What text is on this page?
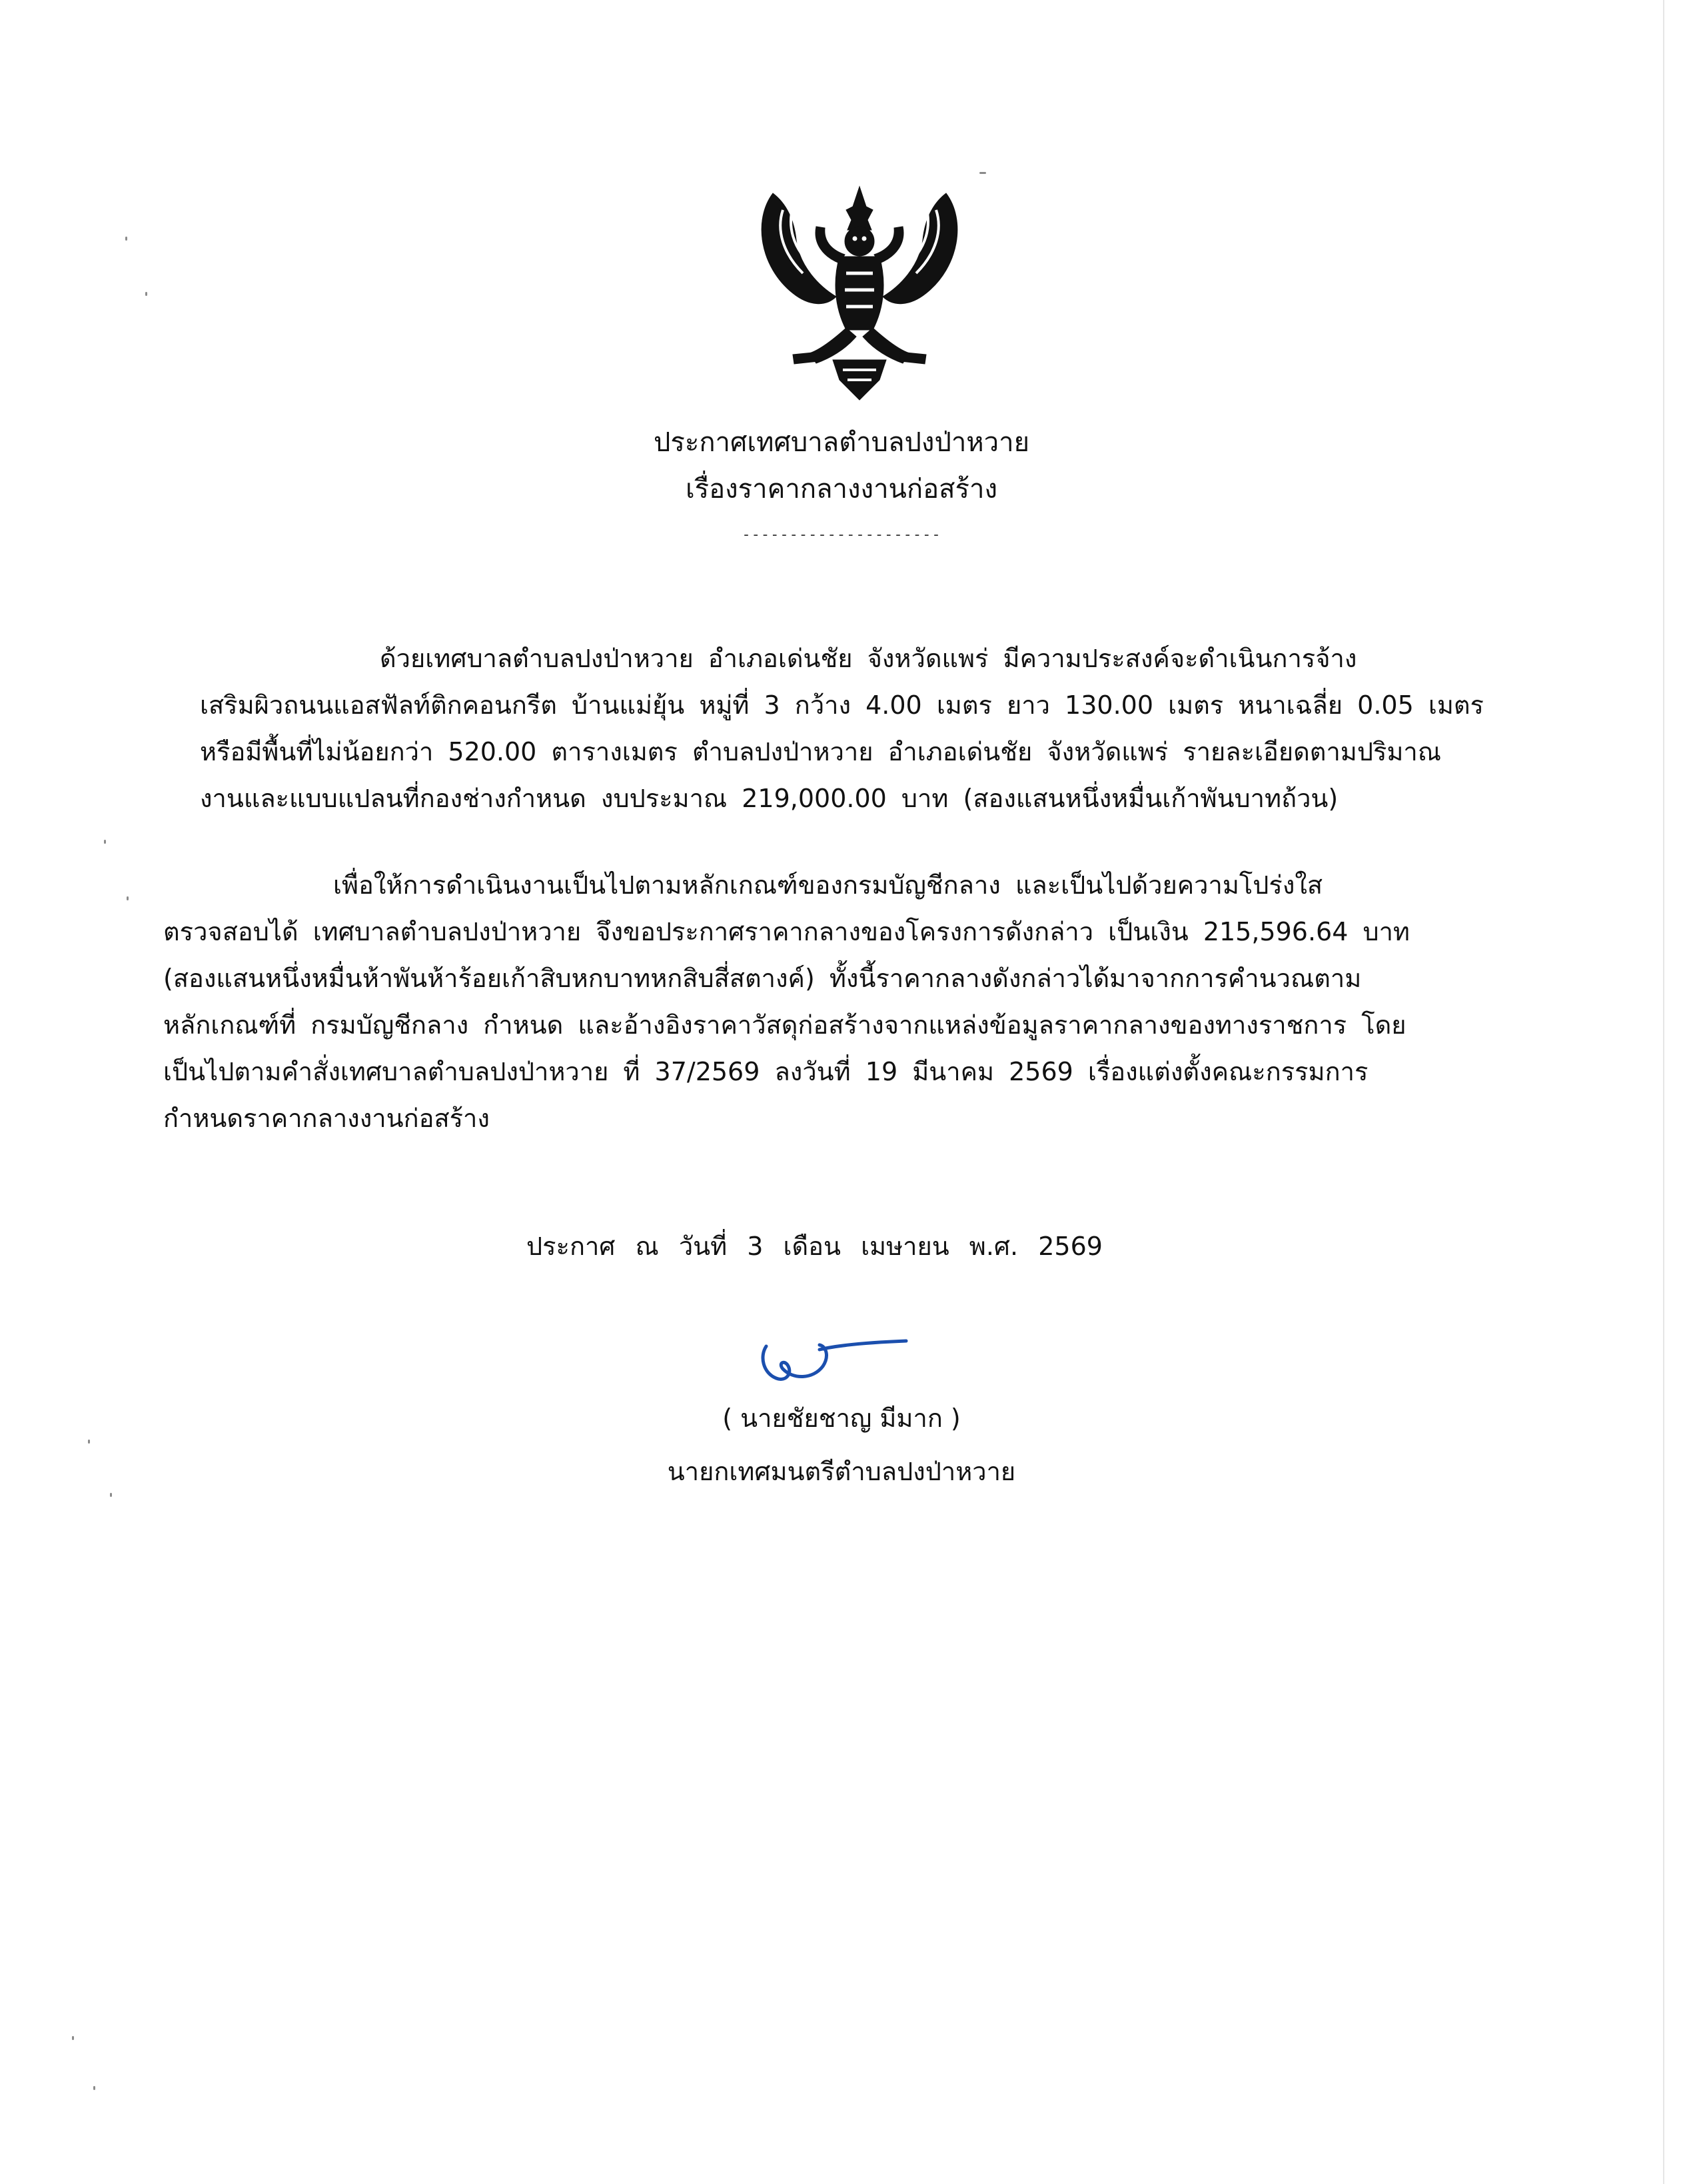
ประกาศเทศบาลตำบลปงป่าหวาย
เรื่องราคากลางงานก่อสร้าง
---------------------
ด้วยเทศบาลตำบลปงป่าหวาย อำเภอเด่นชัย จังหวัดแพร่ มีความประสงค์จะดำเนินการจ้าง
เสริมผิวถนนแอสฟัลท์ติกคอนกรีต บ้านแม่ยุ้น หมู่ที่ 3 กว้าง 4.00 เมตร ยาว 130.00 เมตร หนาเฉลี่ย 0.05 เมตร
หรือมีพื้นที่ไม่น้อยกว่า 520.00 ตารางเมตร ตำบลปงป่าหวาย อำเภอเด่นชัย จังหวัดแพร่ รายละเอียดตามปริมาณ
งานและแบบแปลนที่กองช่างกำหนด งบประมาณ 219,000.00 บาท (สองแสนหนึ่งหมื่นเก้าพันบาทถ้วน)
เพื่อให้การดำเนินงานเป็นไปตามหลักเกณฑ์ของกรมบัญชีกลาง และเป็นไปด้วยความโปร่งใส
ตรวจสอบได้ เทศบาลตำบลปงป่าหวาย จึงขอประกาศราคากลางของโครงการดังกล่าว เป็นเงิน 215,596.64 บาท
(สองแสนหนึ่งหมื่นห้าพันห้าร้อยเก้าสิบหกบาทหกสิบสี่สตางค์) ทั้งนี้ราคากลางดังกล่าวได้มาจากการคำนวณตาม
หลักเกณฑ์ที่ กรมบัญชีกลาง กำหนด และอ้างอิงราคาวัสดุก่อสร้างจากแหล่งข้อมูลราคากลางของทางราชการ โดย
เป็นไปตามคำสั่งเทศบาลตำบลปงป่าหวาย ที่ 37/2569 ลงวันที่ 19 มีนาคม 2569 เรื่องแต่งตั้งคณะกรรมการ
กำหนดราคากลางงานก่อสร้าง
ประกาศ ณ วันที่ 3 เดือน เมษายน พ.ศ. 2569
( นายชัยชาญ มีมาก )
นายกเทศมนตรีตำบลปงป่าหวาย
